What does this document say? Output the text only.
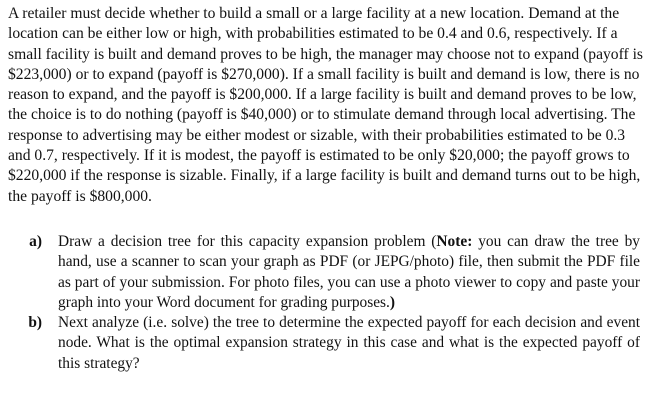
A retailer must decide whether to build a small or a large facility at a new location. Demand at the location can be either low or high, with probabilities estimated to be 0.4 and 0.6, respectively. If a small facility is built and demand proves to be high, the manager may choose not to expand (payoff is $223,000) or to expand (payoff is $270,000). If a small facility is built and demand is low, there is no reason to expand, and the payoff is $200,000. If a large facility is built and demand proves to be low, the choice is to do nothing (payoff is $40,000) or to stimulate demand through local advertising. The response to advertising may be either modest or sizable, with their probabilities estimated to be 0.3 and 0.7, respectively. If it is modest, the payoff is estimated to be only $20,000; the payoff grows to $220,000 if the response is sizable. Finally, if a large facility is built and demand turns out to be high, the payoff is $800,000.

a) Draw a decision tree for this capacity expansion problem (Note: you can draw the tree by hand, use a scanner to scan your graph as PDF (or JEPG/photo) file, then submit the PDF file as part of your submission. For photo files, you can use a photo viewer to copy and paste your graph into your Word document for grading purposes.)
b) Next analyze (i.e. solve) the tree to determine the expected payoff for each decision and event node. What is the optimal expansion strategy in this case and what is the expected payoff of this strategy?
